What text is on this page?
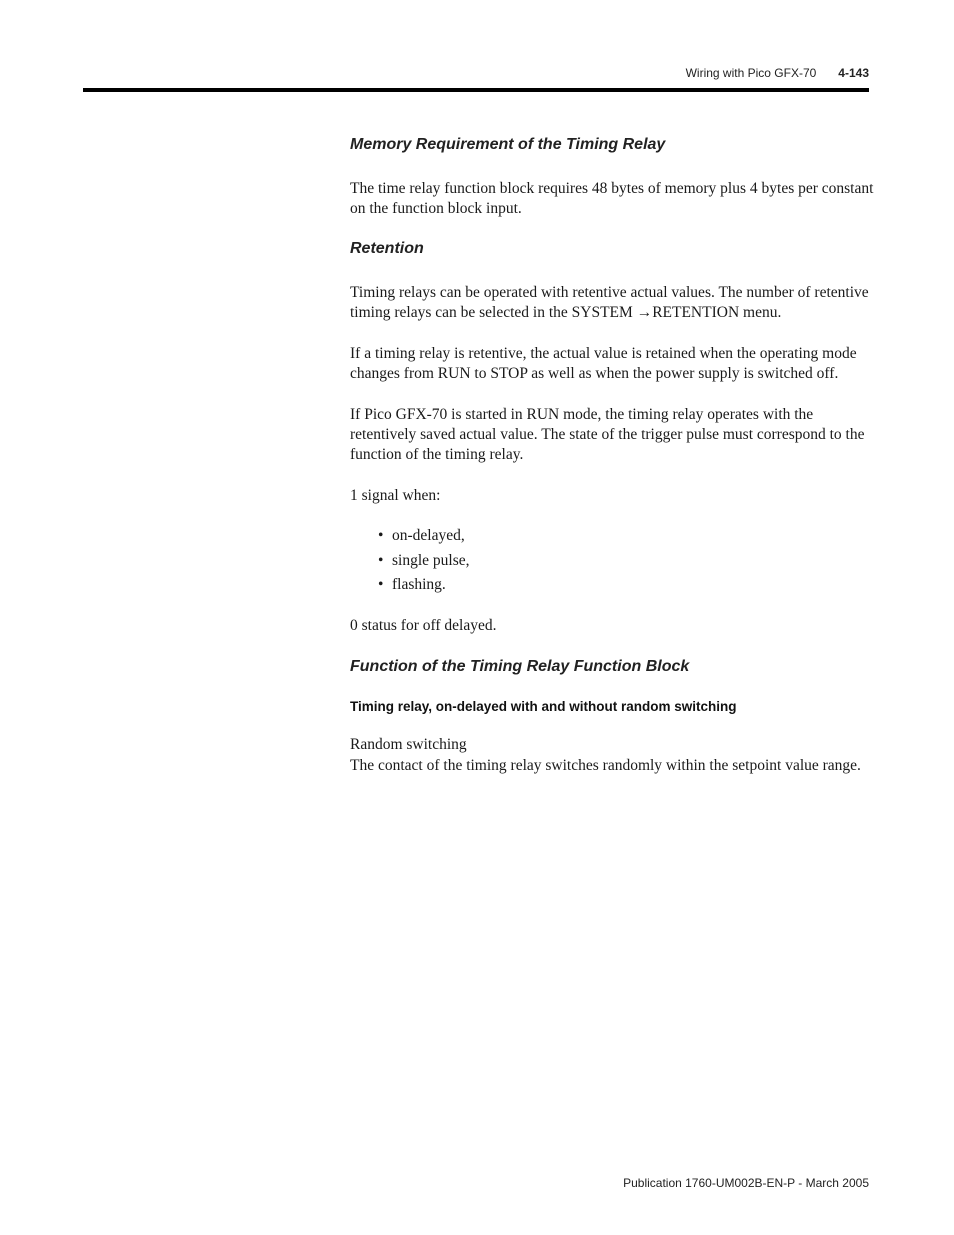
Wiring with Pico GFX-70 4-143
Memory Requirement of the Timing Relay

The time relay function block requires 48 bytes of memory plus 4 bytes per constant on the function block input.

Retention

Timing relays can be operated with retentive actual values. The number of retentive timing relays can be selected in the SYSTEM →RETENTION menu.

If a timing relay is retentive, the actual value is retained when the operating mode changes from RUN to STOP as well as when the power supply is switched off.

If Pico GFX-70 is started in RUN mode, the timing relay operates with the retentively saved actual value. The state of the trigger pulse must correspond to the function of the timing relay.

1 signal when:

• on-delayed,
• single pulse,
• flashing.

0 status for off delayed.

Function of the Timing Relay Function Block
Timing relay, on-delayed with and without random switching

Random switching

The contact of the timing relay switches randomly within the setpoint value range.

Publication 1760-UM002B-EN-P - March 2005
